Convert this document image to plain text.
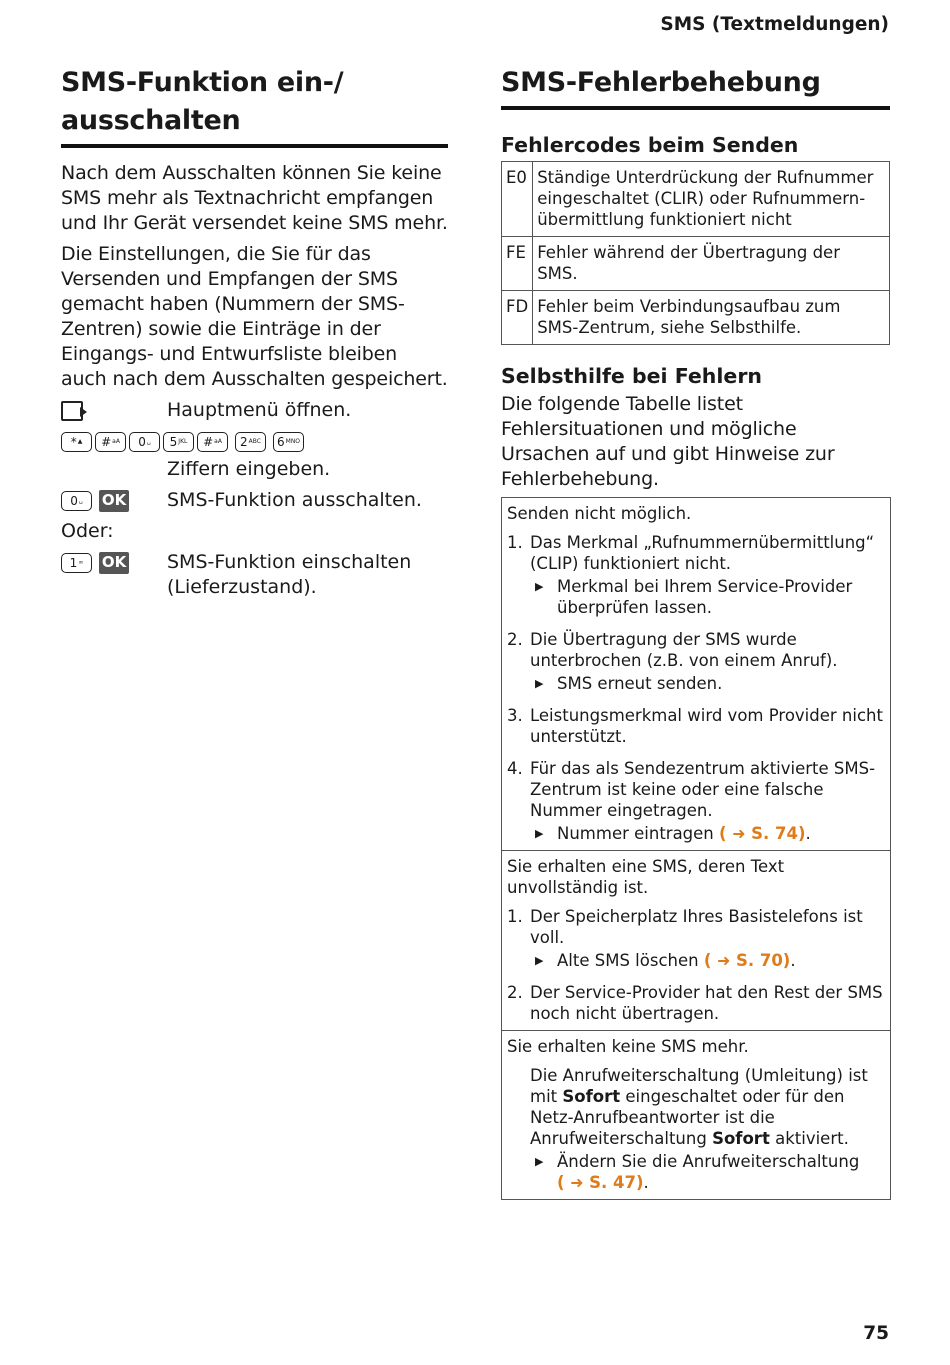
SMS (Textmeldungen)
SMS-Funktion ein-/ ausschalten

Nach dem Ausschalten können Sie keine SMS mehr als Textnachricht empfangen und Ihr Gerät versendet keine SMS mehr.

Die Einstellungen, die Sie für das Versenden und Empfangen der SMS gemacht haben (Nummern der SMS-Zentren) sowie die Einträge in der Eingangs- und Entwurfsliste bleiben auch nach dem Ausschalten gespeichert.

Hauptmenü öffnen.
* ▲ # aA 0 ␣ 5 JKL # aA 2 ABC 6 MNO
Ziffern eingeben.
0 ␣ OK SMS-Funktion ausschalten.
Oder:
1 ∞ OK SMS-Funktion einschalten (Lieferzustand).
SMS-Fehlerbehebung
Fehlercodes beim Senden
E0	Ständige Unterdrückung der Rufnummer eingeschaltet (CLIR) oder Rufnummern-übermittlung funktioniert nicht
FE	Fehler während der Übertragung der SMS.
FD	Fehler beim Verbindungsaufbau zum SMS-Zentrum, siehe Selbsthilfe.
Selbsthilfe bei Fehlern

Die folgende Tabelle listet Fehlersituationen und mögliche Ursachen auf und gibt Hinweise zur Fehlerbehebung.

Senden nicht möglich.
1. Das Merkmal „Rufnummernübermittlung“ (CLIP) funktioniert nicht.
▶ Merkmal bei Ihrem Service-Provider überprüfen lassen.
2. Die Übertragung der SMS wurde unterbrochen (z.B. von einem Anruf).
▶ SMS erneut senden.
3. Leistungsmerkmal wird vom Provider nicht unterstützt.
4. Für das als Sendezentrum aktivierte SMS-Zentrum ist keine oder eine falsche Nummer eingetragen.
▶ Nummer eintragen ( ➜ S. 74).
Sie erhalten eine SMS, deren Text unvollständig ist.
1. Der Speicherplatz Ihres Basistelefons ist voll.
▶ Alte SMS löschen ( ➜ S. 70).
2. Der Service-Provider hat den Rest der SMS noch nicht übertragen.
Sie erhalten keine SMS mehr.
Die Anrufweiterschaltung (Umleitung) ist mit Sofort eingeschaltet oder für den Netz-Anrufbeantworter ist die Anrufweiterschaltung Sofort aktiviert.
▶ Ändern Sie die Anrufweiterschaltung
( ➜ S. 47).
75
